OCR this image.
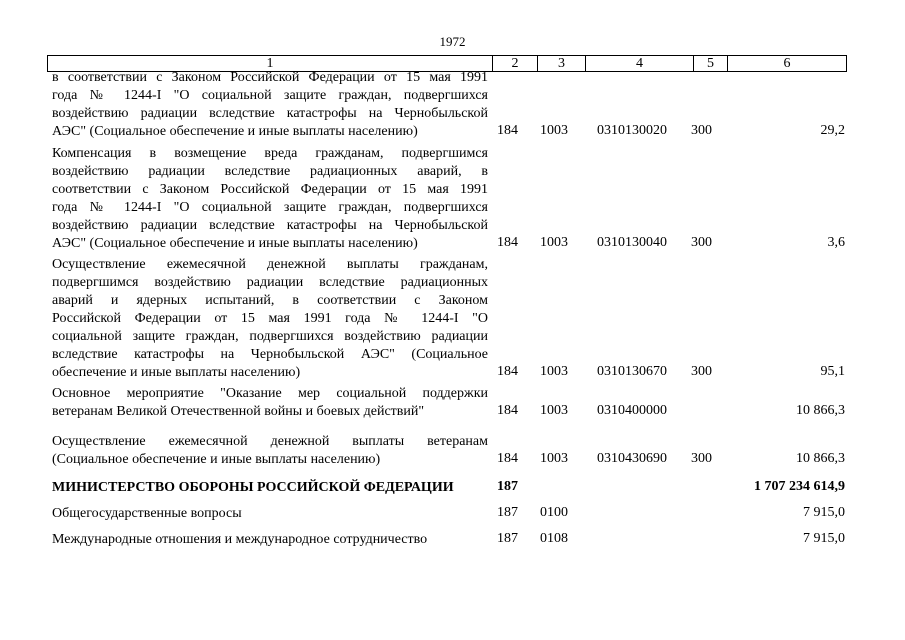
1972
1	2	3	4	5	6
в соответствии с Законом Российской Федерации от 15 мая 1991
года № 1244-I "О социальной защите граждан, подвергшихся
воздействию радиации вследствие катастрофы на Чернобыльской
АЭС" (Социальное обеспечение и иные выплаты населению)	184 1003 0310130020 300	29,2
Компенсация в возмещение вреда гражданам, подвергшимся
воздействию радиации вследствие радиационных аварий, в
соответствии с Законом Российской Федерации от 15 мая 1991
года № 1244-I "О социальной защите граждан, подвергшихся
воздействию радиации вследствие катастрофы на Чернобыльской
АЭС" (Социальное обеспечение и иные выплаты населению)	184 1003 0310130040 300	3,6
Осуществление ежемесячной денежной выплаты гражданам,
подвергшимся воздействию радиации вследствие радиационных
аварий и ядерных испытаний, в соответствии с Законом
Российской Федерации от 15 мая 1991 года № 1244-I "О
социальной защите граждан, подвергшихся воздействию радиации
вследствие катастрофы на Чернобыльской АЭС" (Социальное
обеспечение и иные выплаты населению)	184 1003 0310130670 300	95,1
Основное мероприятие "Оказание мер социальной поддержки
ветеранам Великой Отечественной войны и боевых действий"	184 1003 0310400000	10 866,3
Осуществление ежемесячной денежной выплаты ветеранам
(Социальное обеспечение и иные выплаты населению)	184 1003 0310430690 300	10 866,3
МИНИСТЕРСТВО ОБОРОНЫ РОССИЙСКОЙ ФЕДЕРАЦИИ	187	1 707 234 614,9
Общегосударственные вопросы	187 0100	7 915,0
Международные отношения и международное сотрудничество	187 0108	7 915,0
